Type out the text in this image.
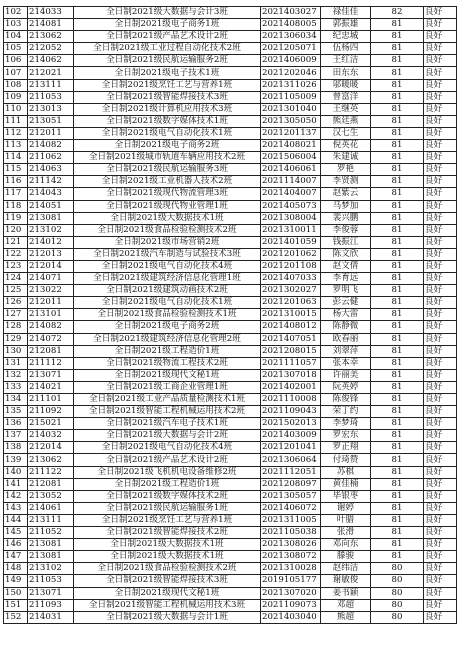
102	214033	全日制2021级大数据与会计3班	2021403027	禄佳佳	82	良好
103	214081	全日制2021级电子商务1班	2021408005	郭振雄	81	良好
104	213062	全日制2021级产品艺术设计2班	2021306034	纪忠城	81	良好
105	212052	全日制2021级工业过程自动化技术2班	2021205071	伍杨四	81	良好
106	214062	全日制2021级民航运输服务2班	2021406009	王红洁	81	良好
107	212021	全日制2021级电子技术1班	2021202046	田东东	81	良好
108	213111	全日制2021级烹饪工艺与营养1班	2021311026	邬暖暖	81	良好
109	211053	全日制2021级智能焊接技术3班	2021105009	曾富洋	81	良好
110	213013	全日制2021级计算机应用技术3班	2021301040	王继英	81	良好
111	213051	全日制2021级数字媒体技术1班	2021305050	熊廷燕	81	良好
112	212011	全日制2021级电气自动化技术1班	2021201137	汉七生	81	良好
113	214082	全日制2021级电子商务2班	2021408021	倪英花	81	良好
114	211062	全日制2021级城市轨道车辆应用技术2班	2021506004	朱建诚	81	良好
115	214063	全日制2021级民航运输服务3班	2021406061	罗艳	81	良好
116	211142	全日制2021级工业机器人技术2班	2021114007	李贤测	81	良好
117	214043	全日制2021级现代物流管理3班	2021404007	赵紫云	81	良好
118	214051	全日制2021级现代物业管理1班	2021405073	马梦加	81	良好
119	213081	全日制2021级大数据技术1班	2021308004	裴兴鹏	81	良好
120	213102	全日制2021级食品检验检测技术2班	2021310011	李俊蓉	81	良好
121	214012	全日制2021级市场营销2班	2021401059	钱振江	81	良好
122	212013	全日制2021级汽车制造与试验技术3班	2021201062	陈文欣	81	良好
123	212014	全日制2021级电气自动化技术4班	2021201108	赵文倩	81	良好
124	214071	全日制2021级建筑经济信息化管理1班	2021407033	李育远	81	良好
125	213022	全日制2021级建筑动画技术2班	2021302027	罗明飞	81	良好
126	212011	全日制2021级电气自动化技术1班	2021201063	彭云健	81	良好
127	213101	全日制2021级食品检验检测技术1班	2021310015	杨大雷	81	良好
128	214082	全日制2021级电子商务2班	2021408012	陈静微	81	良好
129	214072	全日制2021级建筑经济信息化管理2班	2021407051	欧春丽	81	良好
130	212081	全日制2021级工程造价1班	2021208015	刘翠萍	81	良好
131	211112	全日制2021级物流工程技术2班	2021111057	张本幸	81	良好
132	213071	全日制2021级现代文秘1班	2021307018	许丽美	81	良好
133	214021	全日制2021级工商企业管理1班	2021402001	阮英婷	81	良好
134	211101	全日制2021级工业产品质量检测技术1班	2021110008	陈俊锋	81	良好
135	211092	全日制2021级智能工程机械运用技术2班	2021109043	荣丁约	81	良好
136	215021	全日制2021级汽车电子技术1班	2021502013	李梦琦	81	良好
137	214032	全日制2021级大数据与会计2班	2021403009	罗宏东	81	良好
138	212014	全日制2021级电气自动化技术4班	2021201041	罗正翔	81	良好
139	213062	全日制2021级产品艺术设计2班	2021306064	付琦赞	81	良好
140	211122	全日制2021级飞机机电设备维修2班	2021112051	苏棋	81	良好
141	212081	全日制2021级工程造价1班	2021208097	黄佳楠	81	良好
142	213052	全日制2021级数字媒体技术2班	2021305057	毕银枣	81	良好
143	214061	全日制2021级民航运输服务1班	2021406072	谢婷	81	良好
144	213111	全日制2021级烹饪工艺与营养1班	2021311005	叶腊	81	良好
145	211052	全日制2021级智能焊接技术2班	2021105038	张滑	81	良好
146	213081	全日制2021级大数据技术1班	2021308026	邓向东	81	良好
147	213081	全日制2021级大数据技术1班	2021308072	滕骏	81	良好
148	213102	全日制2021级食品检验检测技术2班	2021310028	赵纬洁	80	良好
149	211053	全日制2021级智能焊接技术3班	2019105177	谢敏俊	80	良好
150	213071	全日制2021级现代文秘1班	2021307020	姜书颖	80	良好
151	211093	全日制2021级智能工程机械运用技术3班	2021109073	邓超	80	良好
152	214031	全日制2021级大数据与会计1班	2021403040	熊超	80	良好
